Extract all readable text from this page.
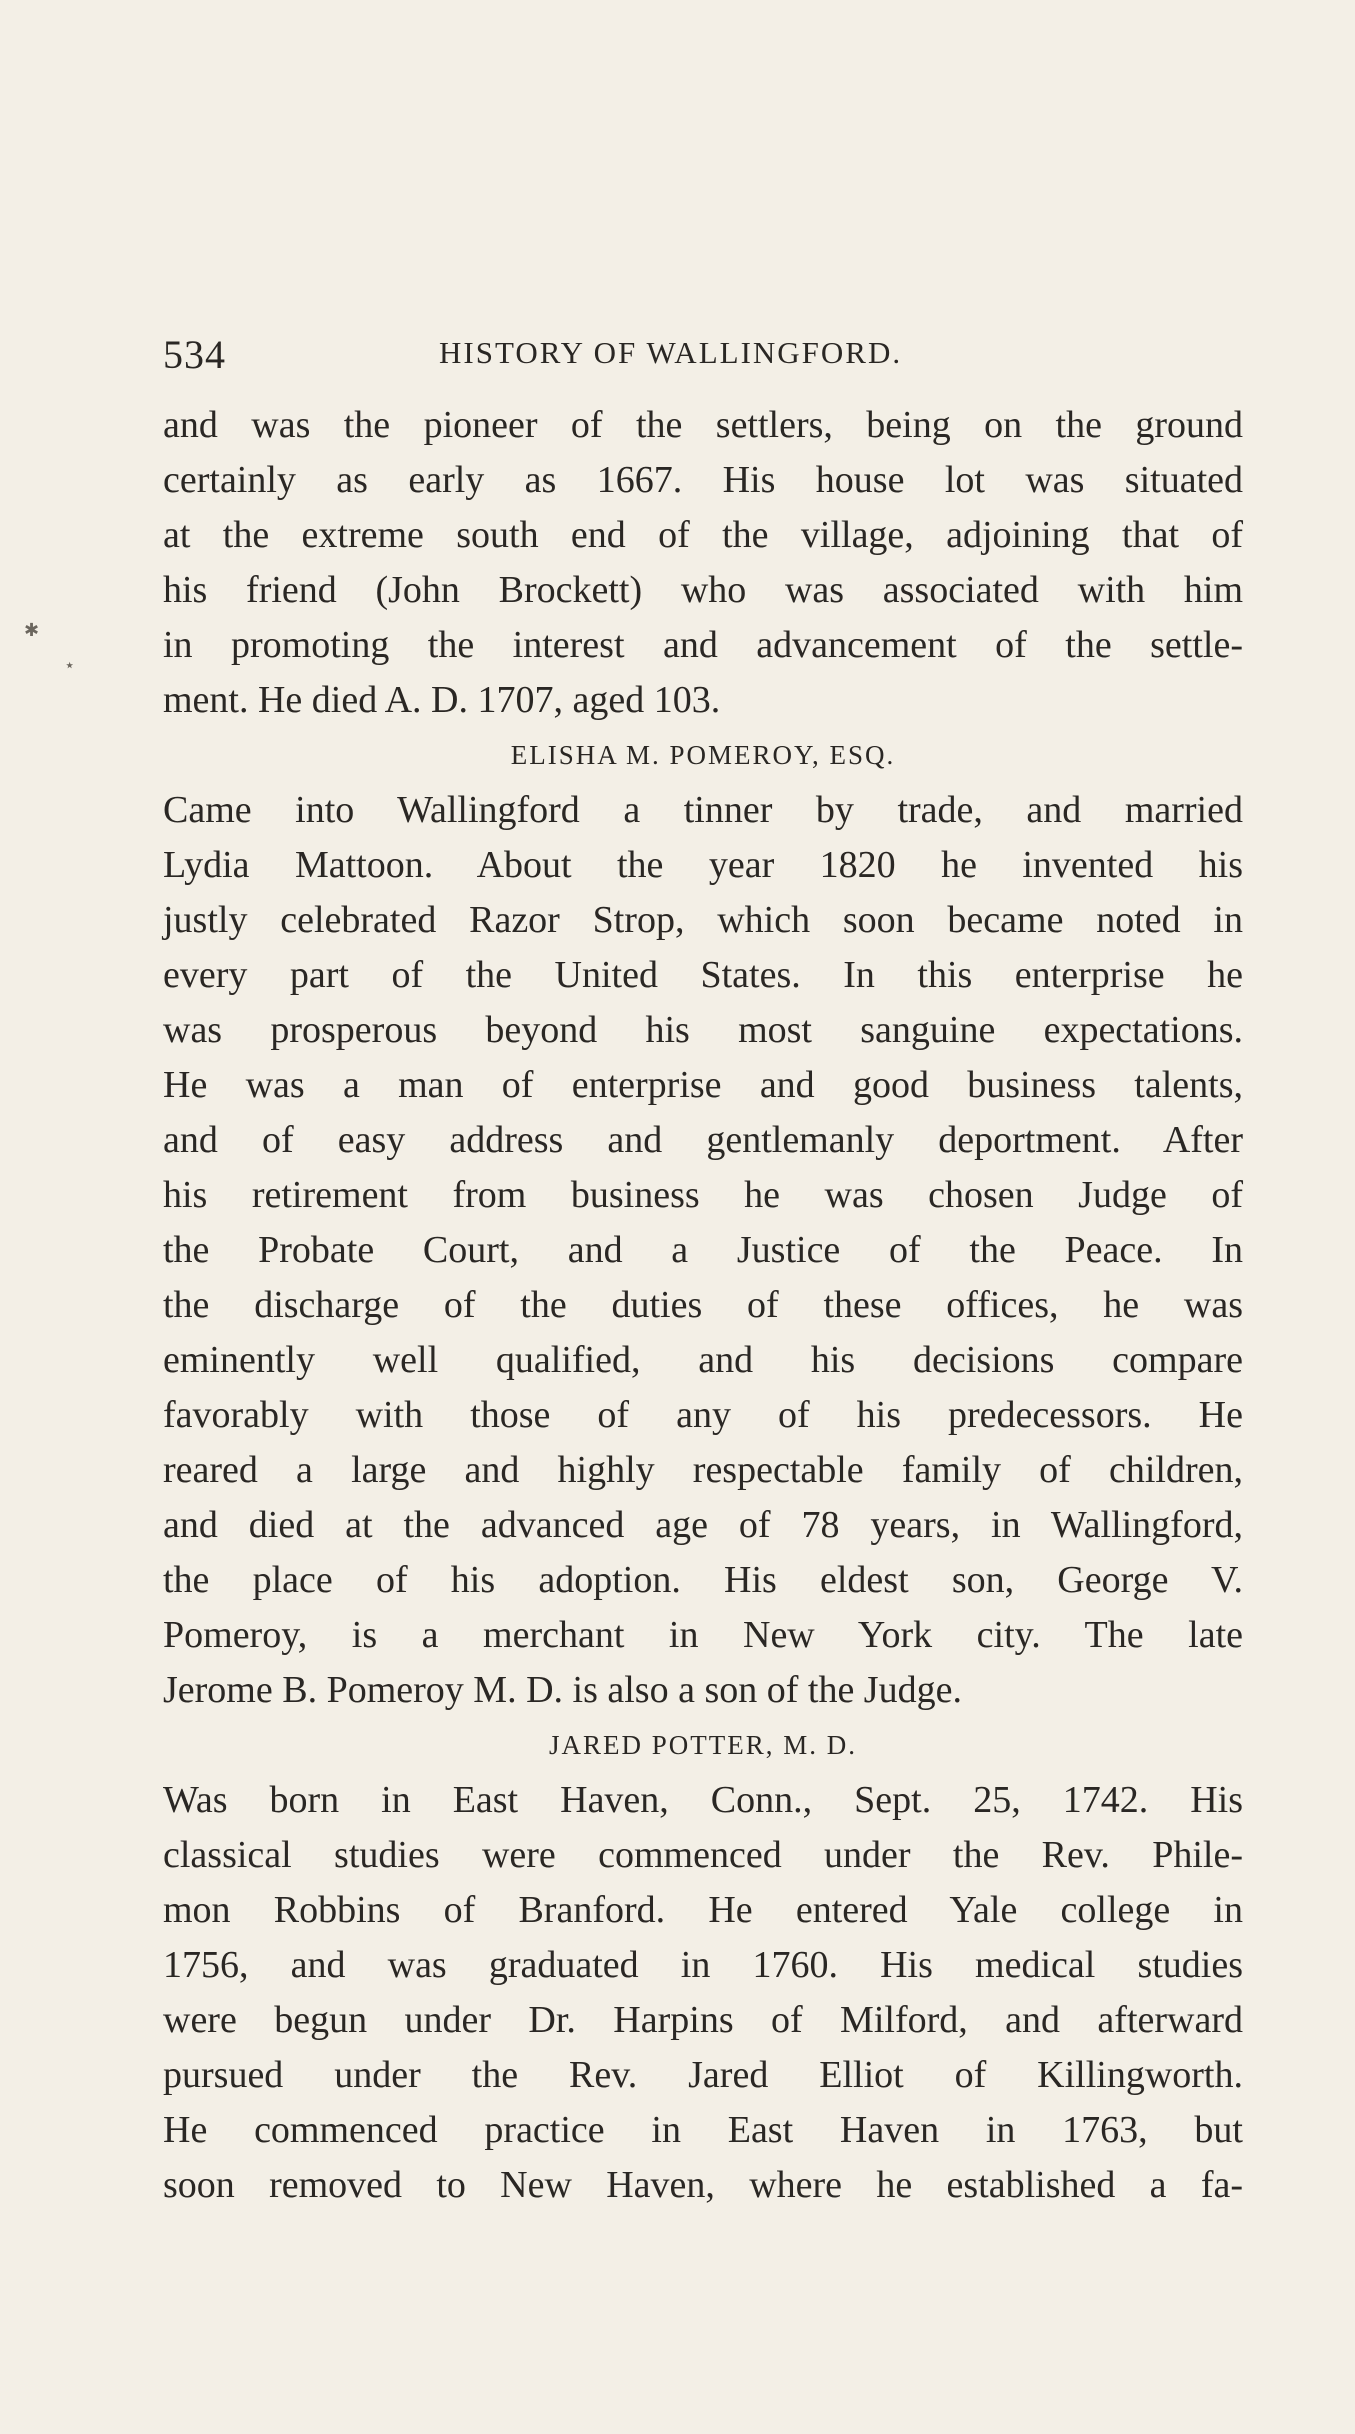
✱
⋆
534	HISTORY OF WALLINGFORD.
and was the pioneer of the settlers, being on the ground
certainly as early as 1667. His house lot was situated
at the extreme south end of the village, adjoining that of
his friend (John Brockett) who was associated with him
in promoting the interest and advancement of the settle-
ment. He died A. D. 1707, aged 103.
ELISHA M. POMEROY, ESQ.
Came into Wallingford a tinner by trade, and married
Lydia Mattoon. About the year 1820 he invented his
justly celebrated Razor Strop, which soon became noted in
every part of the United States. In this enterprise he
was prosperous beyond his most sanguine expectations.
He was a man of enterprise and good business talents,
and of easy address and gentlemanly deportment. After
his retirement from business he was chosen Judge of
the Probate Court, and a Justice of the Peace. In
the discharge of the duties of these offices, he was
eminently well qualified, and his decisions compare
favorably with those of any of his predecessors. He
reared a large and highly respectable family of children,
and died at the advanced age of 78 years, in Wallingford,
the place of his adoption. His eldest son, George V.
Pomeroy, is a merchant in New York city. The late
Jerome B. Pomeroy M. D. is also a son of the Judge.
JARED POTTER, M. D.
Was born in East Haven, Conn., Sept. 25, 1742. His
classical studies were commenced under the Rev. Phile-
mon Robbins of Branford. He entered Yale college in
1756, and was graduated in 1760. His medical studies
were begun under Dr. Harpins of Milford, and afterward
pursued under the Rev. Jared Elliot of Killingworth.
He commenced practice in East Haven in 1763, but
soon removed to New Haven, where he established a fa-
